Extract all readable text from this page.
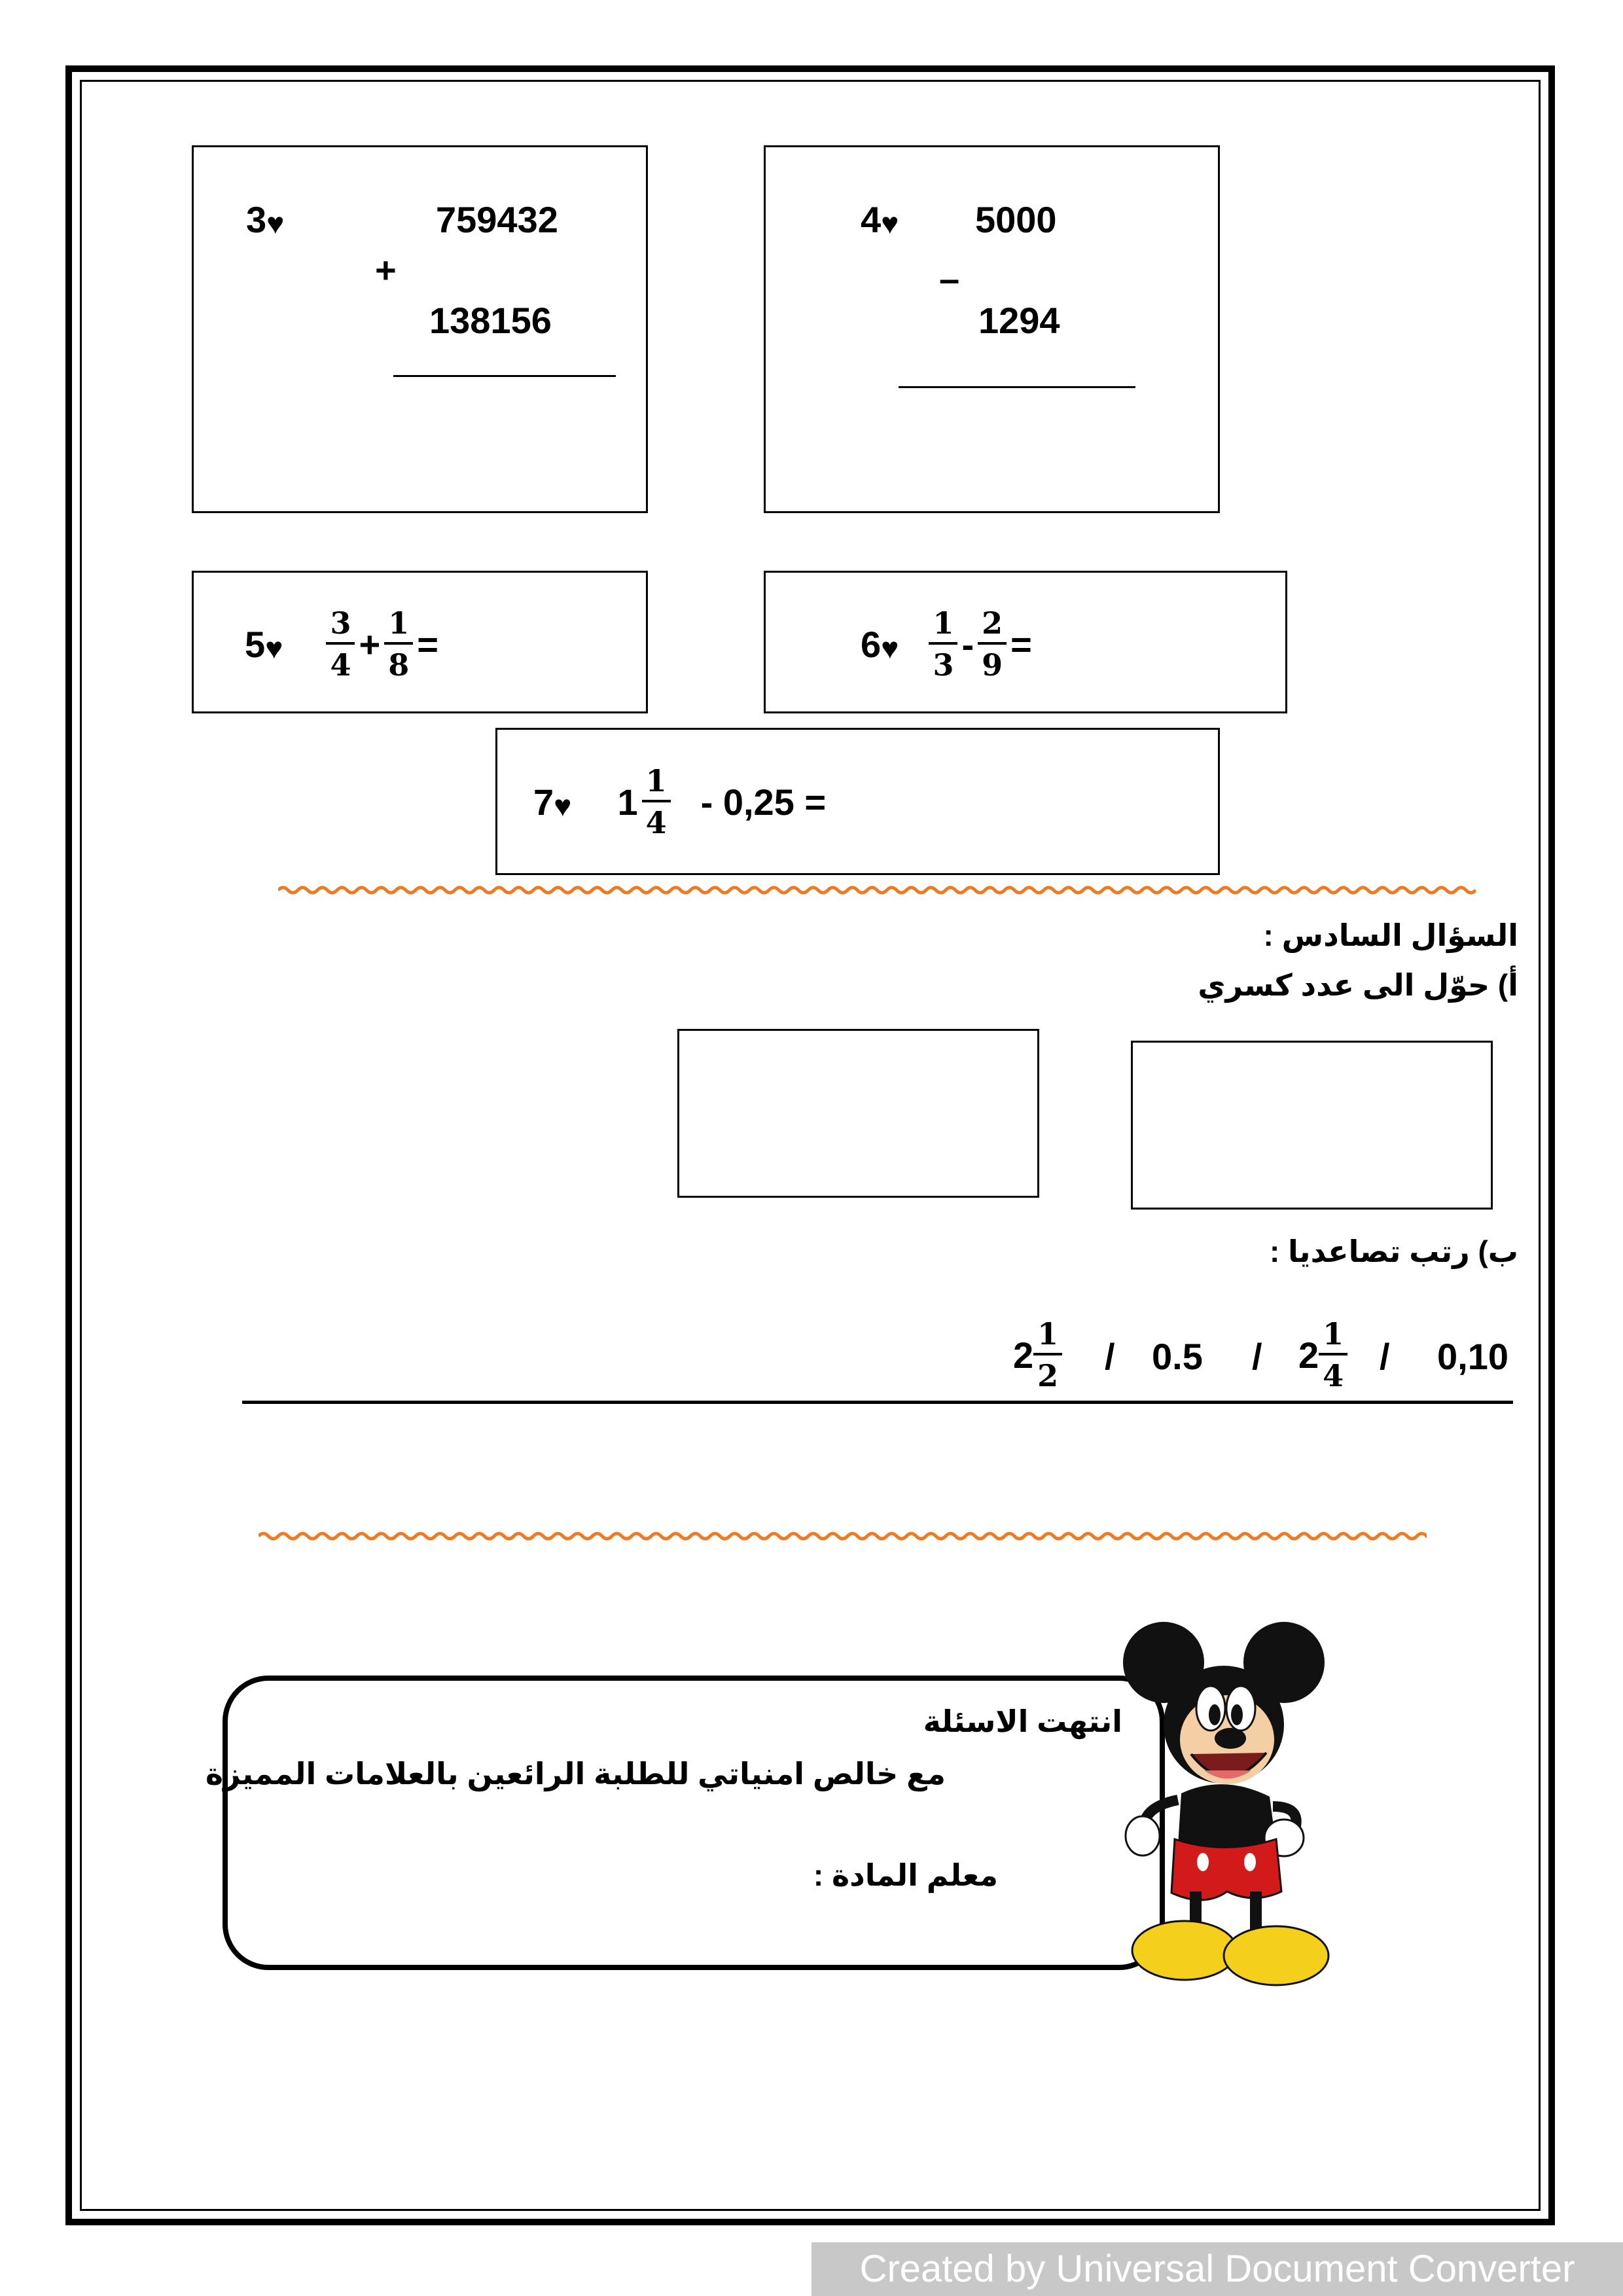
3♥	759432
+
138156
4♥ 5000
–
1294
5♥ $\frac{3}{4} + \frac{1}{8}$ =	6♥ $\frac{1}{3} - \frac{2}{9}$ =
7♥ $1 \frac{1}{4} - 0,25$ =
السؤال السادس :
أ) حوّل الى عدد كسري
ب) رتب تصاعديا :
$2 \frac{1}{2} / 0.5 / 2 \frac{1}{4} / 0,10$
انتهت الاسئلة
مع خالص امنياتي للطلبة الرائعين بالعلامات المميزة
معلم المادة :
Created by Universal Document Converter
